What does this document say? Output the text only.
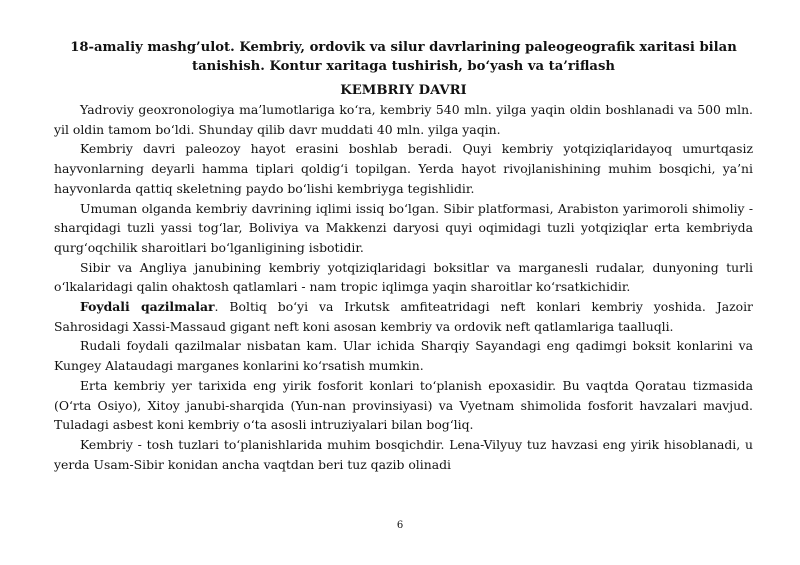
18-amaliy mashg’ulot. Kembriy, ordovik va silur davrlarining paleogeografik xaritasi bilan tanishish. Kontur xaritaga tushirish, boʻyash va ta’riflash

KEMBRIY DAVRI

Yadroviy geoxronologiya ma’lumotlariga koʻra, kembriy 540 mln. yilga yaqin oldin boshlanadi va 500 mln. yil oldin tamom boʻldi. Shunday qilib davr muddati 40 mln. yilga yaqin.

Kembriy davri paleozoy hayot erasini boshlab beradi. Quyi kembriy yotqiziqlaridayoq umurtqasiz hayvonlarning deyarli hamma tiplari qoldigʻi topilgan. Yerda hayot rivojlanishining muhim bosqichi, ya’ni hayvonlarda qattiq skeletning paydo boʻlishi kembriyga tegishlidir.

Umuman olganda kembriy davrining iqlimi issiq boʻlgan. Sibir platformasi, Arabiston yarimoroli shimoliy - sharqidagi tuzli yassi togʻlar, Boliviya va Makkenzi daryosi quyi oqimidagi tuzli yotqiziqlar erta kembriyda qurgʻoqchilik sharoitlari boʻlganligining isbotidir.

Sibir va Angliya janubining kembriy yotqiziqlaridagi boksitlar va marganesli rudalar, dunyoning turli oʻlkalaridagi qalin ohaktosh qatlamlari - nam tropic iqlimga yaqin sharoitlar koʻrsatkichidir.

Foydali qazilmalar. Boltiq boʻyi va Irkutsk amfiteatridagi neft konlari kembriy yoshida. Jazoir Sahrosidagi Xassi-Massaud gigant neft koni asosan kembriy va ordovik neft qatlamlariga taalluqli.

Rudali foydali qazilmalar nisbatan kam. Ular ichida Sharqiy Sayandagi eng qadimgi boksit konlarini va Kungey Alataudagi marganes konlarini koʻrsatish mumkin.

Erta kembriy yer tarixida eng yirik fosforit konlari toʻplanish epoxasidir. Bu vaqtda Qoratau tizmasida (Oʻrta Osiyo), Xitoy janubi-sharqida (Yun-nan provinsiyasi) va Vyetnam shimolida fosforit havzalari mavjud. Tuladagi asbest koni kembriy oʻta asosli intruziyalari bilan bogʻliq.

Kembriy - tosh tuzlari toʻplanishlarida muhim bosqichdir. Lena-Vilyuy tuz havzasi eng yirik hisoblanadi, u yerda Usam-Sibir konidan ancha vaqtdan beri tuz qazib olinadi

6
